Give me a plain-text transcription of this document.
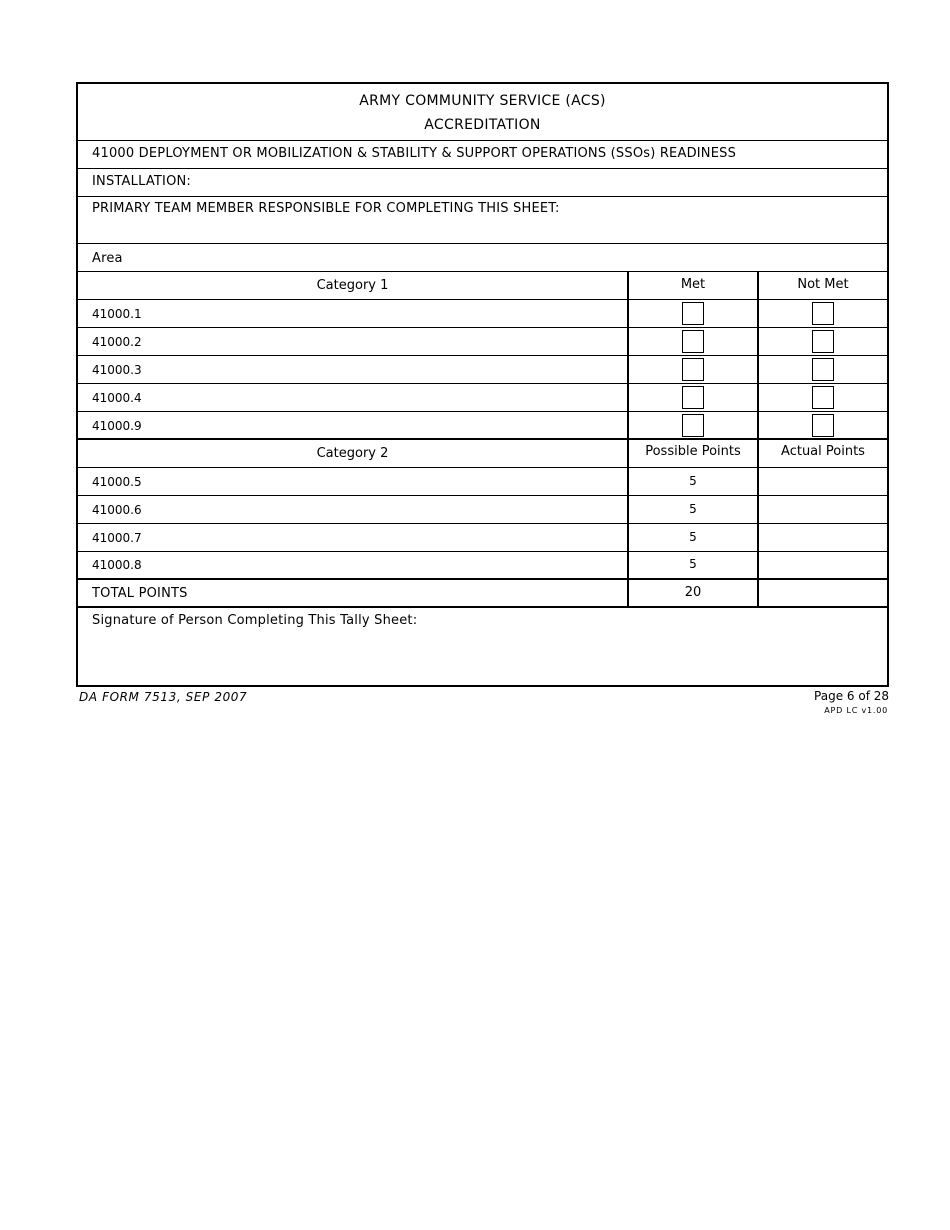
ARMY COMMUNITY SERVICE (ACS)
ACCREDITATION
41000 DEPLOYMENT OR MOBILIZATION & STABILITY & SUPPORT OPERATIONS (SSOs) READINESS
INSTALLATION:
PRIMARY TEAM MEMBER RESPONSIBLE FOR COMPLETING THIS SHEET:
Area
Category 1	Met	Not Met
41000.1
41000.2
41000.3
41000.4
41000.9
Category 2	Possible Points	Actual Points
41000.5	5
41000.6	5
41000.7	5
41000.8	5
TOTAL POINTS	20
Signature of Person Completing This Tally Sheet:
DA FORM 7513, SEP 2007	Page 6 of 28
APD LC v1.00
